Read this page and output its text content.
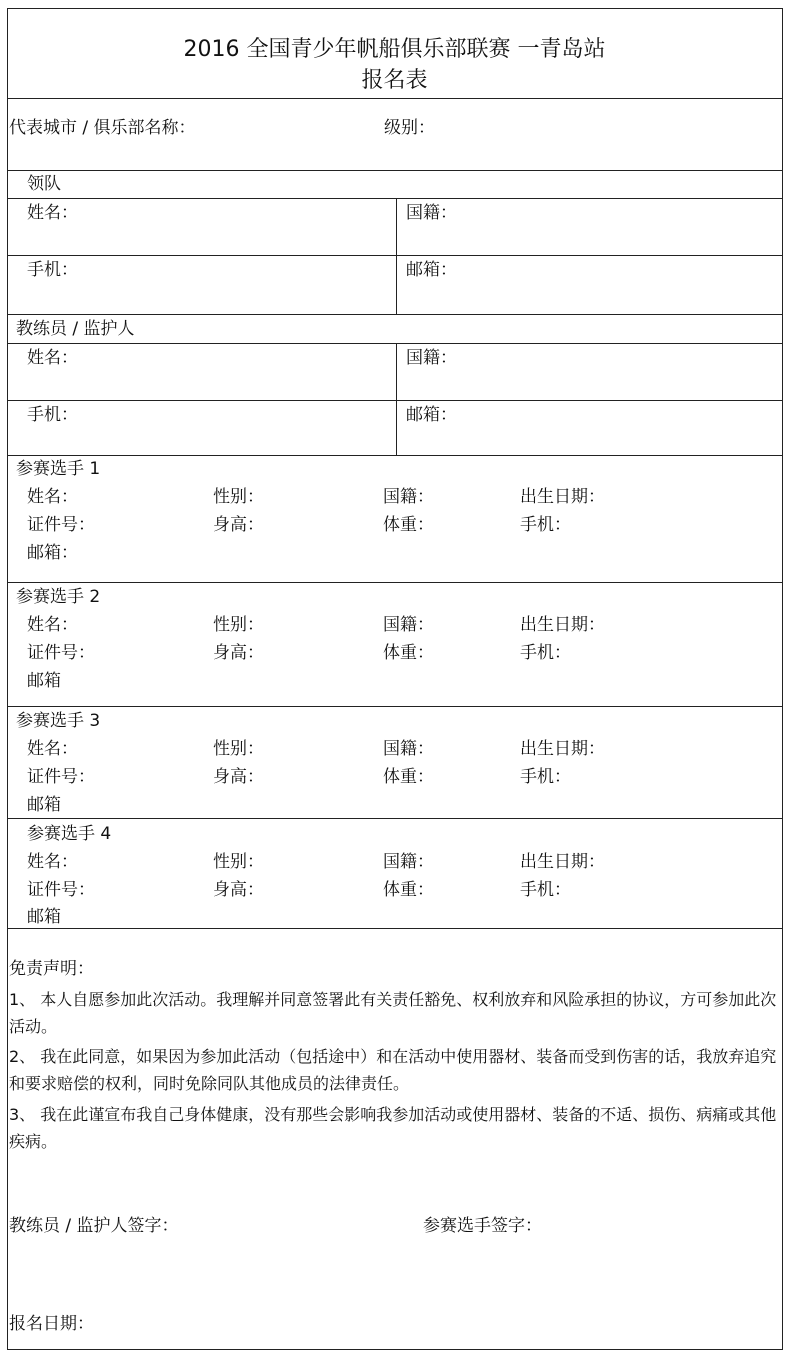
2016 全国青少年帆船俱乐部联赛 一青岛站
报名表
代表城市 / 俱乐部名称：	级别：
领队
姓名：	国籍：
手机：	邮箱：
教练员 / 监护人
姓名：	国籍：
手机：	邮箱：
参赛选手 1
姓名：	性别：	国籍：	出生日期：
证件号：	身高：	体重：	手机：
邮箱：
参赛选手 2
姓名：	性别：	国籍：	出生日期：
证件号：	身高：	体重：	手机：
邮箱
参赛选手 3
姓名：	性别：	国籍：	出生日期：
证件号：	身高：	体重：	手机：
邮箱
参赛选手 4
姓名：	性别：	国籍：	出生日期：
证件号：	身高：	体重：	手机：
邮箱
免责声明：
1、 本人自愿参加此次活动。我理解并同意签署此有关责任豁免、权利放弃和风险承担的协议，方可参加此次活动。
2、 我在此同意，如果因为参加此活动（包括途中）和在活动中使用器材、装备而受到伤害的话，我放弃追究和要求赔偿的权利，同时免除同队其他成员的法律责任。
3、 我在此谨宣布我自己身体健康，没有那些会影响我参加活动或使用器材、装备的不适、损伤、病痛或其他疾病。
教练员 / 监护人签字：	参赛选手签字：
报名日期：
